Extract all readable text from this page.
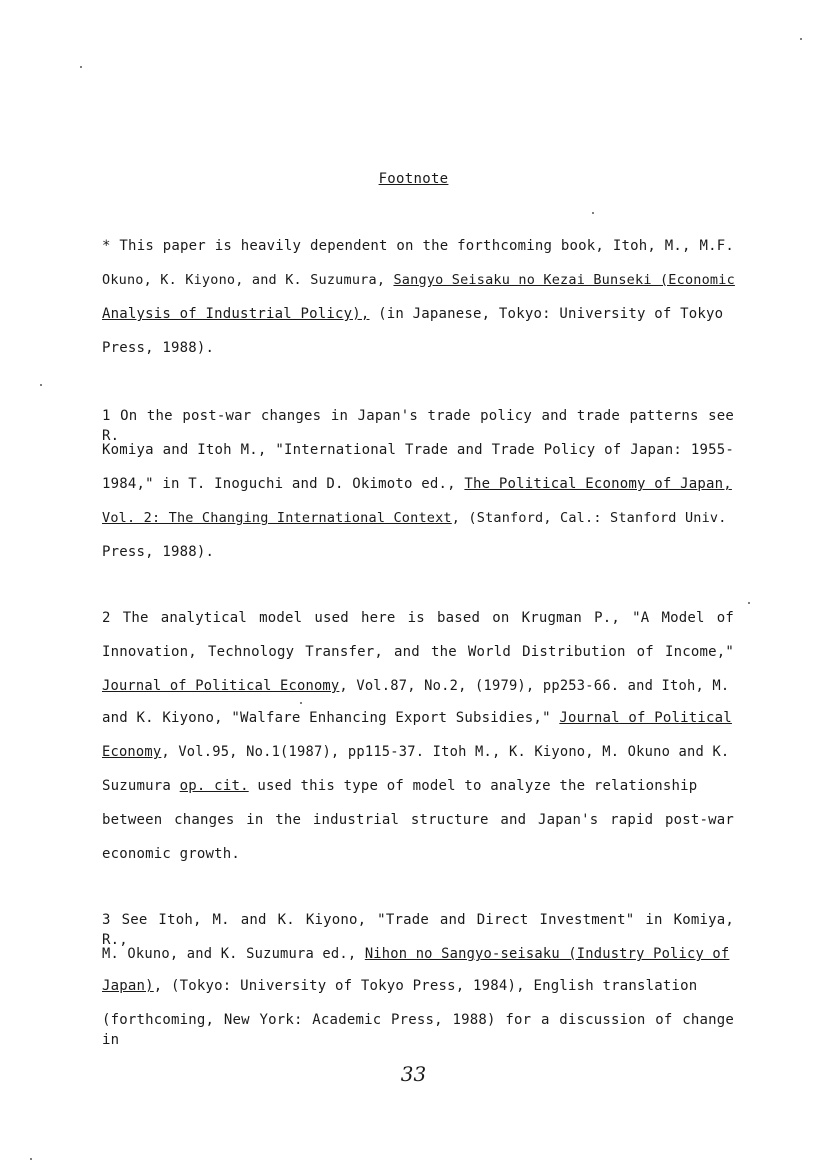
Footnote
* This paper is heavily dependent on the forthcoming book, Itoh, M., M.F.
Okuno, K. Kiyono, and K. Suzumura, Sangyo Seisaku no Kezai Bunseki (Economic
Analysis of Industrial Policy), (in Japanese, Tokyo: University of Tokyo
Press, 1988).
1 On the post-war changes in Japan's trade policy and trade patterns see R.
Komiya and Itoh M., "International Trade and Trade Policy of Japan: 1955-
1984," in T. Inoguchi and D. Okimoto ed., The Political Economy of Japan,
Vol. 2: The Changing International Context, (Stanford, Cal.: Stanford Univ.
Press, 1988).
2 The analytical model used here is based on Krugman P., "A Model of
Innovation, Technology Transfer, and the World Distribution of Income,"
Journal of Political Economy, Vol.87, No.2, (1979), pp253-66. and Itoh, M.
and K. Kiyono, "Walfare Enhancing Export Subsidies," Journal of Political
Economy, Vol.95, No.1(1987), pp115-37. Itoh M., K. Kiyono, M. Okuno and K.
Suzumura op. cit. used this type of model to analyze the relationship
between changes in the industrial structure and Japan's rapid post-war
economic growth.
3 See Itoh, M. and K. Kiyono, "Trade and Direct Investment" in Komiya, R.,
M. Okuno, and K. Suzumura ed., Nihon no Sangyo-seisaku (Industry Policy of
Japan), (Tokyo: University of Tokyo Press, 1984), English translation
(forthcoming, New York: Academic Press, 1988) for a discussion of change in
33
